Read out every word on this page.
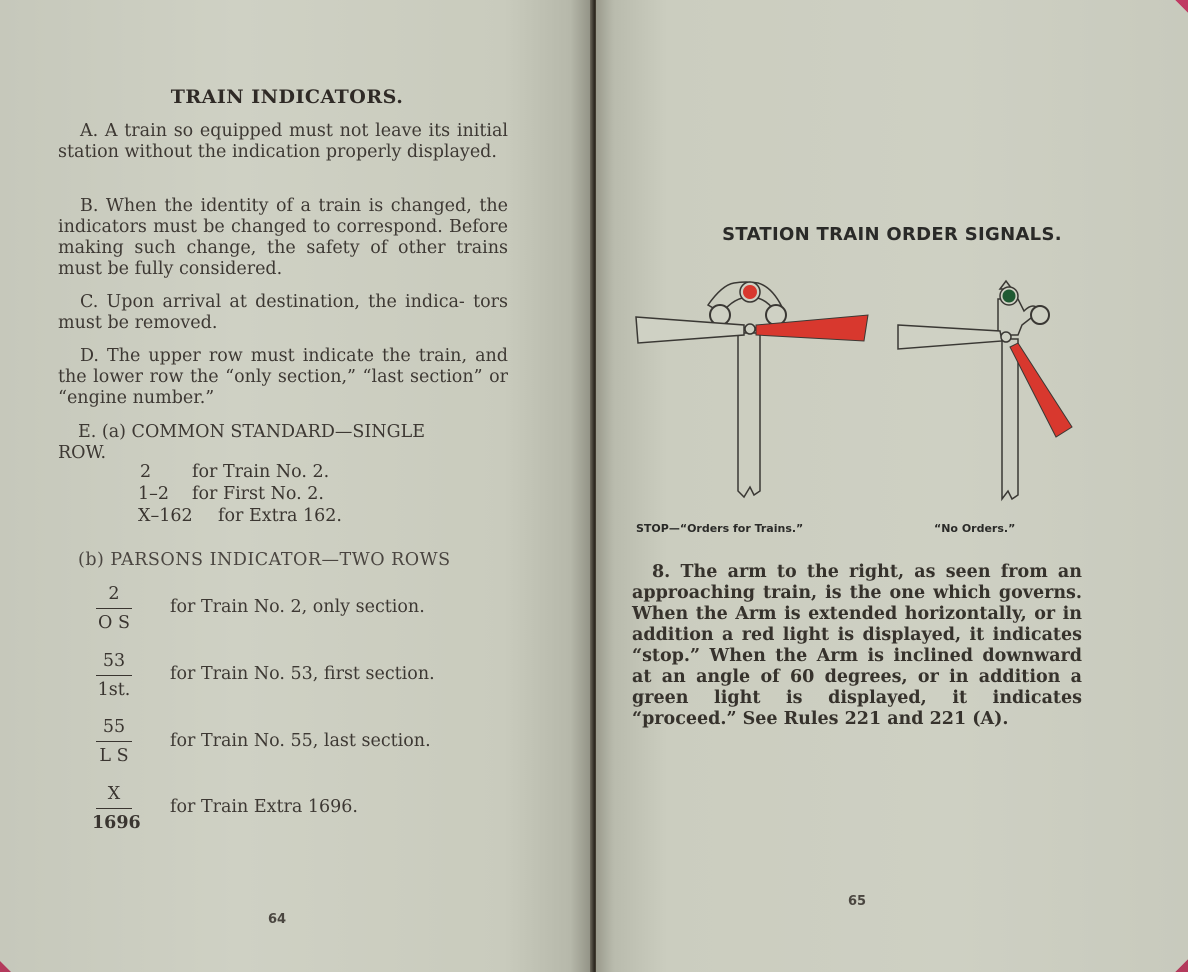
TRAIN INDICATORS.

A. A train so equipped must not leave its initial station without the indication properly displayed.

B. When the identity of a train is changed, the indicators must be changed to correspond. Before making such change, the safety of other trains must be fully considered.

C. Upon arrival at destination, the indica- tors must be removed.

D. The upper row must indicate the train, and the lower row the “only section,” “last section” or “engine number.”

E. (a) COMMON STANDARD—SINGLE
ROW.
2 for Train No. 2.
1–2 for First No. 2.
X–162 for Extra 162.
(b) PARSONS INDICATOR—TWO ROWS
2
O S
for Train No. 2, only section.
53
1st.
for Train No. 53, first section.
55
L S
for Train No. 55, last section.
X
1696
for Train Extra 1696.
64
STATION TRAIN ORDER SIGNALS.
STOP—“Orders for Trains.”	“No Orders.”

8. The arm to the right, as seen from an approaching train, is the one which governs. When the Arm is extended horizontally, or in addition a red light is displayed, it indicates “stop.” When the Arm is inclined downward at an angle of 60 degrees, or in addition a green light is displayed, it indicates “proceed.” See Rules 221 and 221 (A).

65
